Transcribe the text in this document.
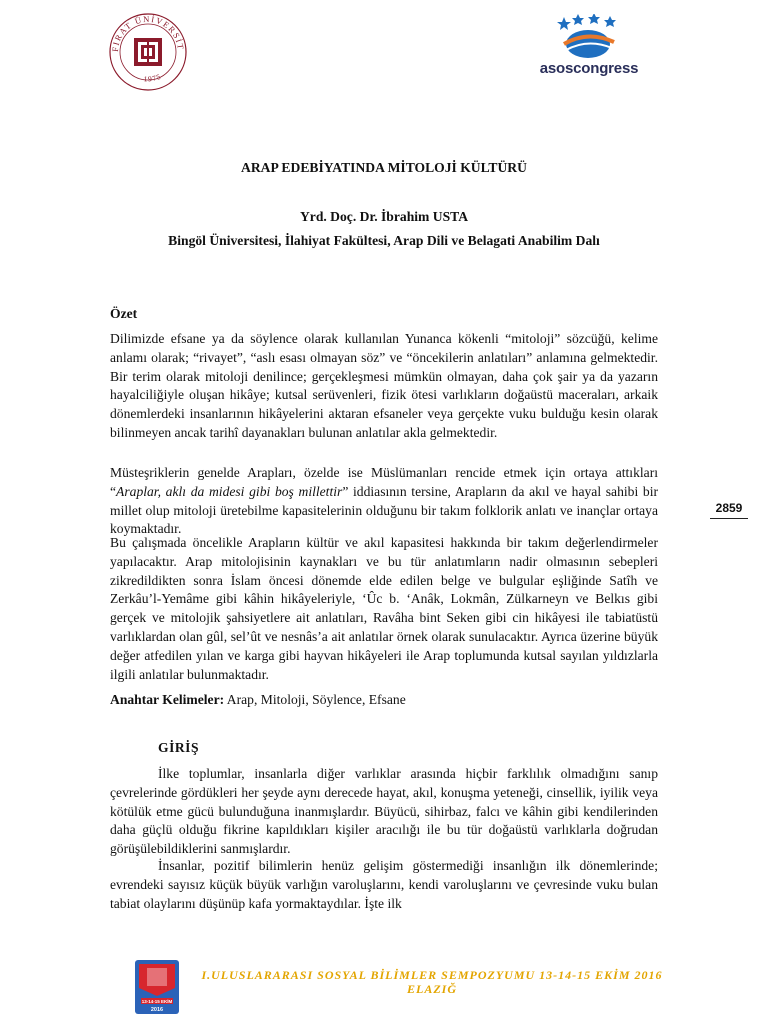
FIRAT ÜNİVERSİT
1975	asoscongress
ARAP EDEBİYATINDA MİTOLOJİ KÜLTÜRÜ
Yrd. Doç. Dr. İbrahim USTA
Bingöl Üniversitesi, İlahiyat Fakültesi, Arap Dili ve Belagati Anabilim Dalı
Özet

Dilimizde efsane ya da söylence olarak kullanılan Yunanca kökenli “mitoloji” sözcüğü, kelime anlamı olarak; “rivayet”, “aslı esası olmayan söz” ve “öncekilerin anlatıları” anlamına gelmektedir. Bir terim olarak mitoloji denilince; gerçekleşmesi mümkün olmayan, daha çok şair ya da yazarın hayalciliğiyle oluşan hikâye; kutsal serüvenleri, fizik ötesi varlıkların doğaüstü maceraları, arkaik dönemlerdeki insanlarının hikâyelerini aktaran efsaneler veya gerçekte vuku bulduğu kesin olarak bilinmeyen ancak tarihî dayanakları bulunan anlatılar akla gelmektedir.

Müsteşriklerin genelde Arapları, özelde ise Müslümanları rencide etmek için ortaya attıkları “Araplar, aklı da midesi gibi boş millettir” iddiasının tersine, Arapların da akıl ve hayal sahibi bir millet olup mitoloji üretebilme kapasitelerinin olduğunu bir takım folklorik anlatı ve inançlar ortaya koymaktadır.

Bu çalışmada öncelikle Arapların kültür ve akıl kapasitesi hakkında bir takım değerlendirmeler yapılacaktır. Arap mitolojisinin kaynakları ve bu tür anlatımların nadir olmasının sebepleri zikredildikten sonra İslam öncesi dönemde elde edilen belge ve bulgular eşliğinde Satîh ve Zerkâu’l-Yemâme gibi kâhin hikâyeleriyle, ‘Ûc b. ‘Anâk, Lokmân, Zülkarneyn ve Belkıs gibi gerçek ve mitolojik şahsiyetlere ait anlatıları, Ravâha bint Seken gibi cin hikâyesi ile tabiatüstü varlıklardan olan gûl, sel’ût ve nesnâs’a ait anlatılar örnek olarak sunulacaktır. Ayrıca üzerine büyük değer atfedilen yılan ve karga gibi hayvan hikâyeleri ile Arap toplumunda kutsal sayılan yıldızlarla ilgili anlatılar bulunmaktadır.

Anahtar Kelimeler: Arap, Mitoloji, Söylence, Efsane
GİRİŞ

İlke toplumlar, insanlarla diğer varlıklar arasında hiçbir farklılık olmadığını sanıp çevrelerinde gördükleri her şeyde aynı derecede hayat, akıl, konuşma yeteneği, cinsellik, iyilik veya kötülük etme gücü bulunduğuna inanmışlardır. Büyücü, sihirbaz, falcı ve kâhin gibi kendilerinden daha güçlü olduğu fikrine kapıldıkları kişiler aracılığı ile bu tür doğaüstü varlıklarla doğrudan görüşülebildiklerini sanmışlardır.

İnsanlar, pozitif bilimlerin henüz gelişim göstermediği insanlığın ilk dönemlerinde; evrendeki sayısız küçük büyük varlığın varoluşlarını, kendi varoluşlarını ve çevresinde vuku bulan tabiat olaylarını düşünüp kafa yormaktaydılar. İşte ilk

2859
13-14-15 EKİM
2016
I.ULUSLARARASI SOSYAL BİLİMLER SEMPOZYUMU 13-14-15 EKİM 2016
ELAZIĞ
